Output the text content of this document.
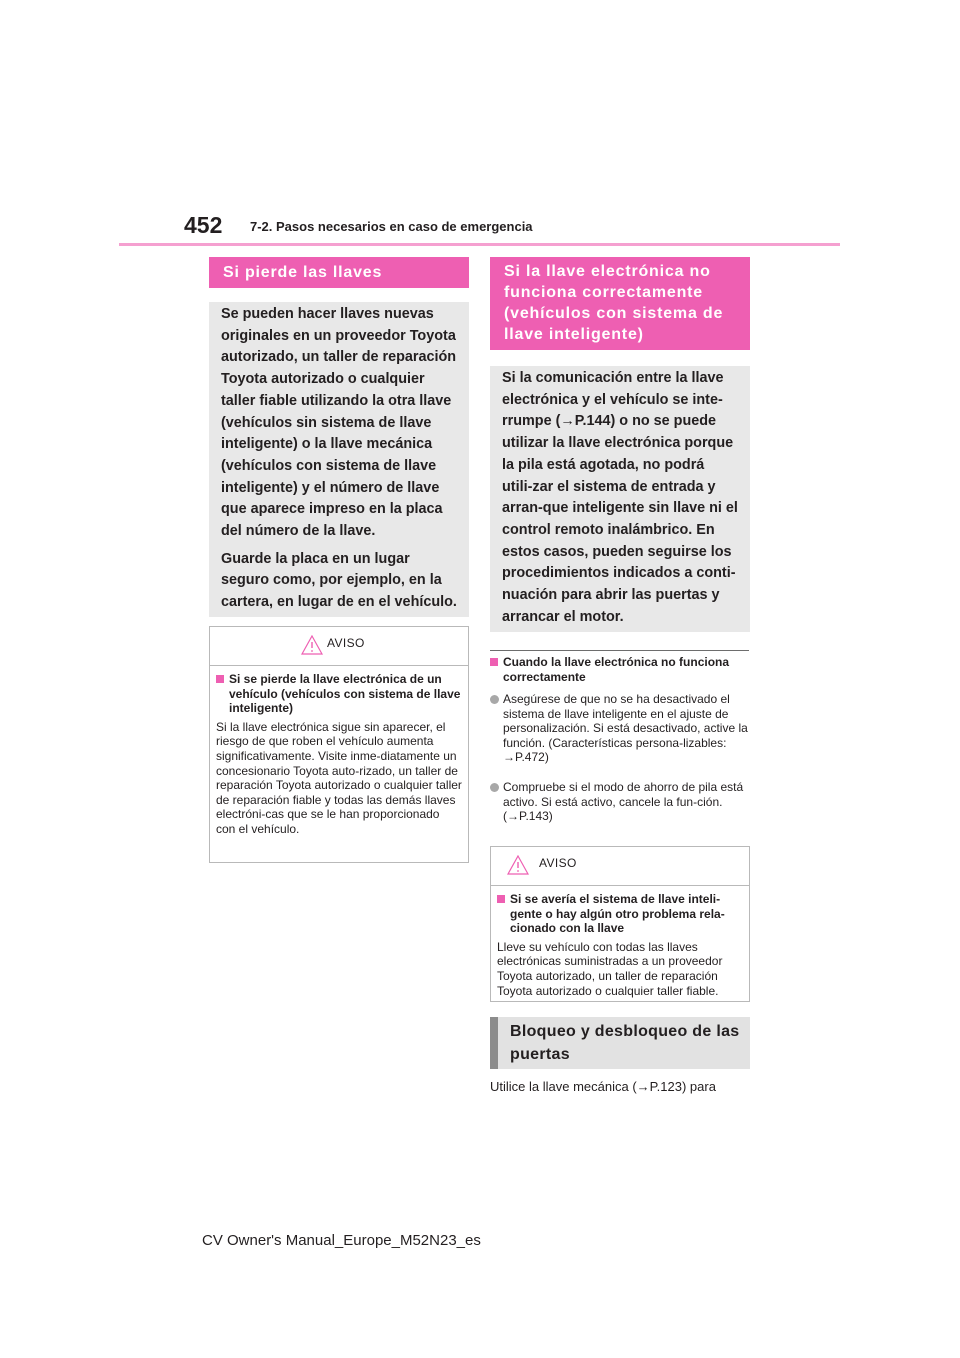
452 7-2. Pasos necesarios en caso de emergencia
Si pierde las llaves

Se pueden hacer llaves nuevas originales en un proveedor Toyota autorizado, un taller de reparación Toyota autorizado o cualquier taller fiable utilizando la otra llave (vehículos sin sistema de llave inteligente) o la llave mecánica (vehículos con sistema de llave inteligente) y el número de llave que aparece impreso en la placa del número de la llave.

Guarde la placa en un lugar seguro como, por ejemplo, en la cartera, en lugar de en el vehículo.

AVISO
Si se pierde la llave electrónica de un vehículo (vehículos con sistema de llave inteligente)

Si la llave electrónica sigue sin aparecer, el riesgo de que roben el vehículo aumenta significativamente. Visite inme-diatamente un concesionario Toyota auto-rizado, un taller de reparación Toyota autorizado o cualquier taller de reparación fiable y todas las demás llaves electróni-cas que se le han proporcionado con el vehículo.

Si la llave electrónica no funciona correctamente (vehículos con sistema de llave inteligente)

Si la comunicación entre la llave electrónica y el vehículo se inte-rrumpe (→P.144) o no se puede utilizar la llave electrónica porque la pila está agotada, no podrá utili-zar el sistema de entrada y arran-que inteligente sin llave ni el control remoto inalámbrico. En estos casos, pueden seguirse los procedimientos indicados a conti-nuación para abrir las puertas y arrancar el motor.

Cuando la llave electrónica no funciona correctamente
Asegúrese de que no se ha desactivado el sistema de llave inteligente en el ajuste de personalización. Si está desactivado, active la función. (Características persona-lizables: →P.472)
Compruebe si el modo de ahorro de pila está activo. Si está activo, cancele la fun-ción. (→P.143)
AVISO
Si se avería el sistema de llave inteli-gente o hay algún otro problema rela-cionado con la llave

Lleve su vehículo con todas las llaves electrónicas suministradas a un proveedor Toyota autorizado, un taller de reparación Toyota autorizado o cualquier taller fiable.

Bloqueo y desbloqueo de las puertas
Utilice la llave mecánica (→P.123) para
CV Owner's Manual_Europe_M52N23_es
